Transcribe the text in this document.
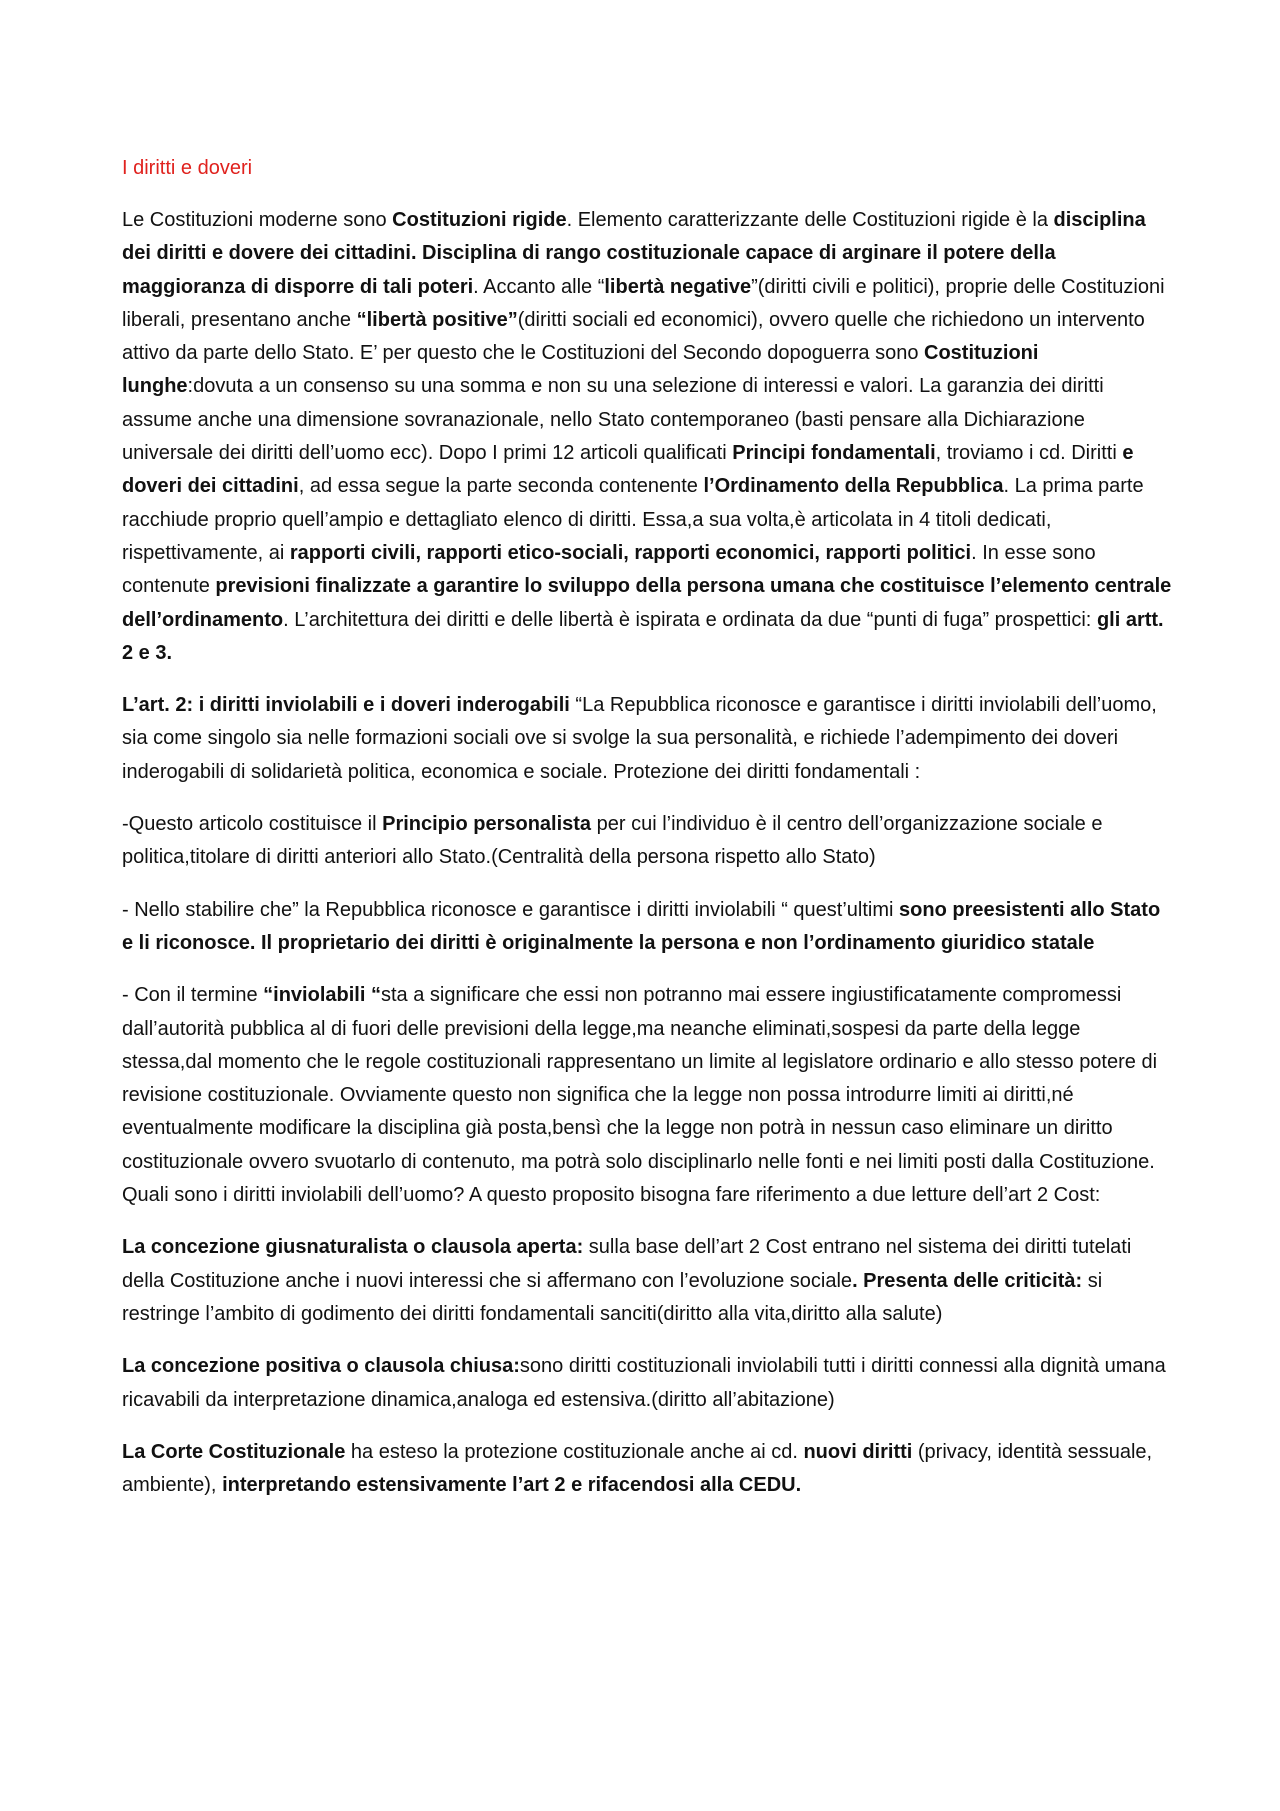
I diritti e doveri

Le Costituzioni moderne sono Costituzioni rigide. Elemento caratterizzante delle Costituzioni rigide è la disciplina dei diritti e dovere dei cittadini. Disciplina di rango costituzionale capace di arginare il potere della maggioranza di disporre di tali poteri. Accanto alle “libertà negative”(diritti civili e politici), proprie delle Costituzioni liberali, presentano anche “libertà positive”(diritti sociali ed economici), ovvero quelle che richiedono un intervento attivo da parte dello Stato. E’ per questo che le Costituzioni del Secondo dopoguerra sono Costituzioni lunghe:dovuta a un consenso su una somma e non su una selezione di interessi e valori. La garanzia dei diritti assume anche una dimensione sovranazionale, nello Stato contemporaneo (basti pensare alla Dichiarazione universale dei diritti dell’uomo ecc). Dopo I primi 12 articoli qualificati Principi fondamentali, troviamo i cd. Diritti e doveri dei cittadini, ad essa segue la parte seconda contenente l’Ordinamento della Repubblica. La prima parte racchiude proprio quell’ampio e dettagliato elenco di diritti. Essa,a sua volta,è articolata in 4 titoli dedicati, rispettivamente, ai rapporti civili, rapporti etico-sociali, rapporti economici, rapporti politici. In esse sono contenute previsioni finalizzate a garantire lo sviluppo della persona umana che costituisce l’elemento centrale dell’ordinamento. L’architettura dei diritti e delle libertà è ispirata e ordinata da due “punti di fuga” prospettici: gli artt. 2 e 3.

L’art. 2: i diritti inviolabili e i doveri inderogabili “La Repubblica riconosce e garantisce i diritti inviolabili dell’uomo, sia come singolo sia nelle formazioni sociali ove si svolge la sua personalità, e richiede l’adempimento dei doveri inderogabili di solidarietà politica, economica e sociale. Protezione dei diritti fondamentali :

-Questo articolo costituisce il Principio personalista per cui l’individuo è il centro dell’organizzazione sociale e politica,titolare di diritti anteriori allo Stato.(Centralità della persona rispetto allo Stato)

- Nello stabilire che” la Repubblica riconosce e garantisce i diritti inviolabili “ quest’ultimi sono preesistenti allo Stato e li riconosce. Il proprietario dei diritti è originalmente la persona e non l’ordinamento giuridico statale

- Con il termine “inviolabili “sta a significare che essi non potranno mai essere ingiustificatamente compromessi dall’autorità pubblica al di fuori delle previsioni della legge,ma neanche eliminati,sospesi da parte della legge stessa,dal momento che le regole costituzionali rappresentano un limite al legislatore ordinario e allo stesso potere di revisione costituzionale. Ovviamente questo non significa che la legge non possa introdurre limiti ai diritti,né eventualmente modificare la disciplina già posta,bensì che la legge non potrà in nessun caso eliminare un diritto costituzionale ovvero svuotarlo di contenuto, ma potrà solo disciplinarlo nelle fonti e nei limiti posti dalla Costituzione. Quali sono i diritti inviolabili dell’uomo? A questo proposito bisogna fare riferimento a due letture dell’art 2 Cost:

La concezione giusnaturalista o clausola aperta: sulla base dell’art 2 Cost entrano nel sistema dei diritti tutelati della Costituzione anche i nuovi interessi che si affermano con l’evoluzione sociale. Presenta delle criticità: si restringe l’ambito di godimento dei diritti fondamentali sanciti(diritto alla vita,diritto alla salute)

La concezione positiva o clausola chiusa:sono diritti costituzionali inviolabili tutti i diritti connessi alla dignità umana ricavabili da interpretazione dinamica,analoga ed estensiva.(diritto all’abitazione)

La Corte Costituzionale ha esteso la protezione costituzionale anche ai cd. nuovi diritti (privacy, identità sessuale, ambiente), interpretando estensivamente l’art 2 e rifacendosi alla CEDU.
